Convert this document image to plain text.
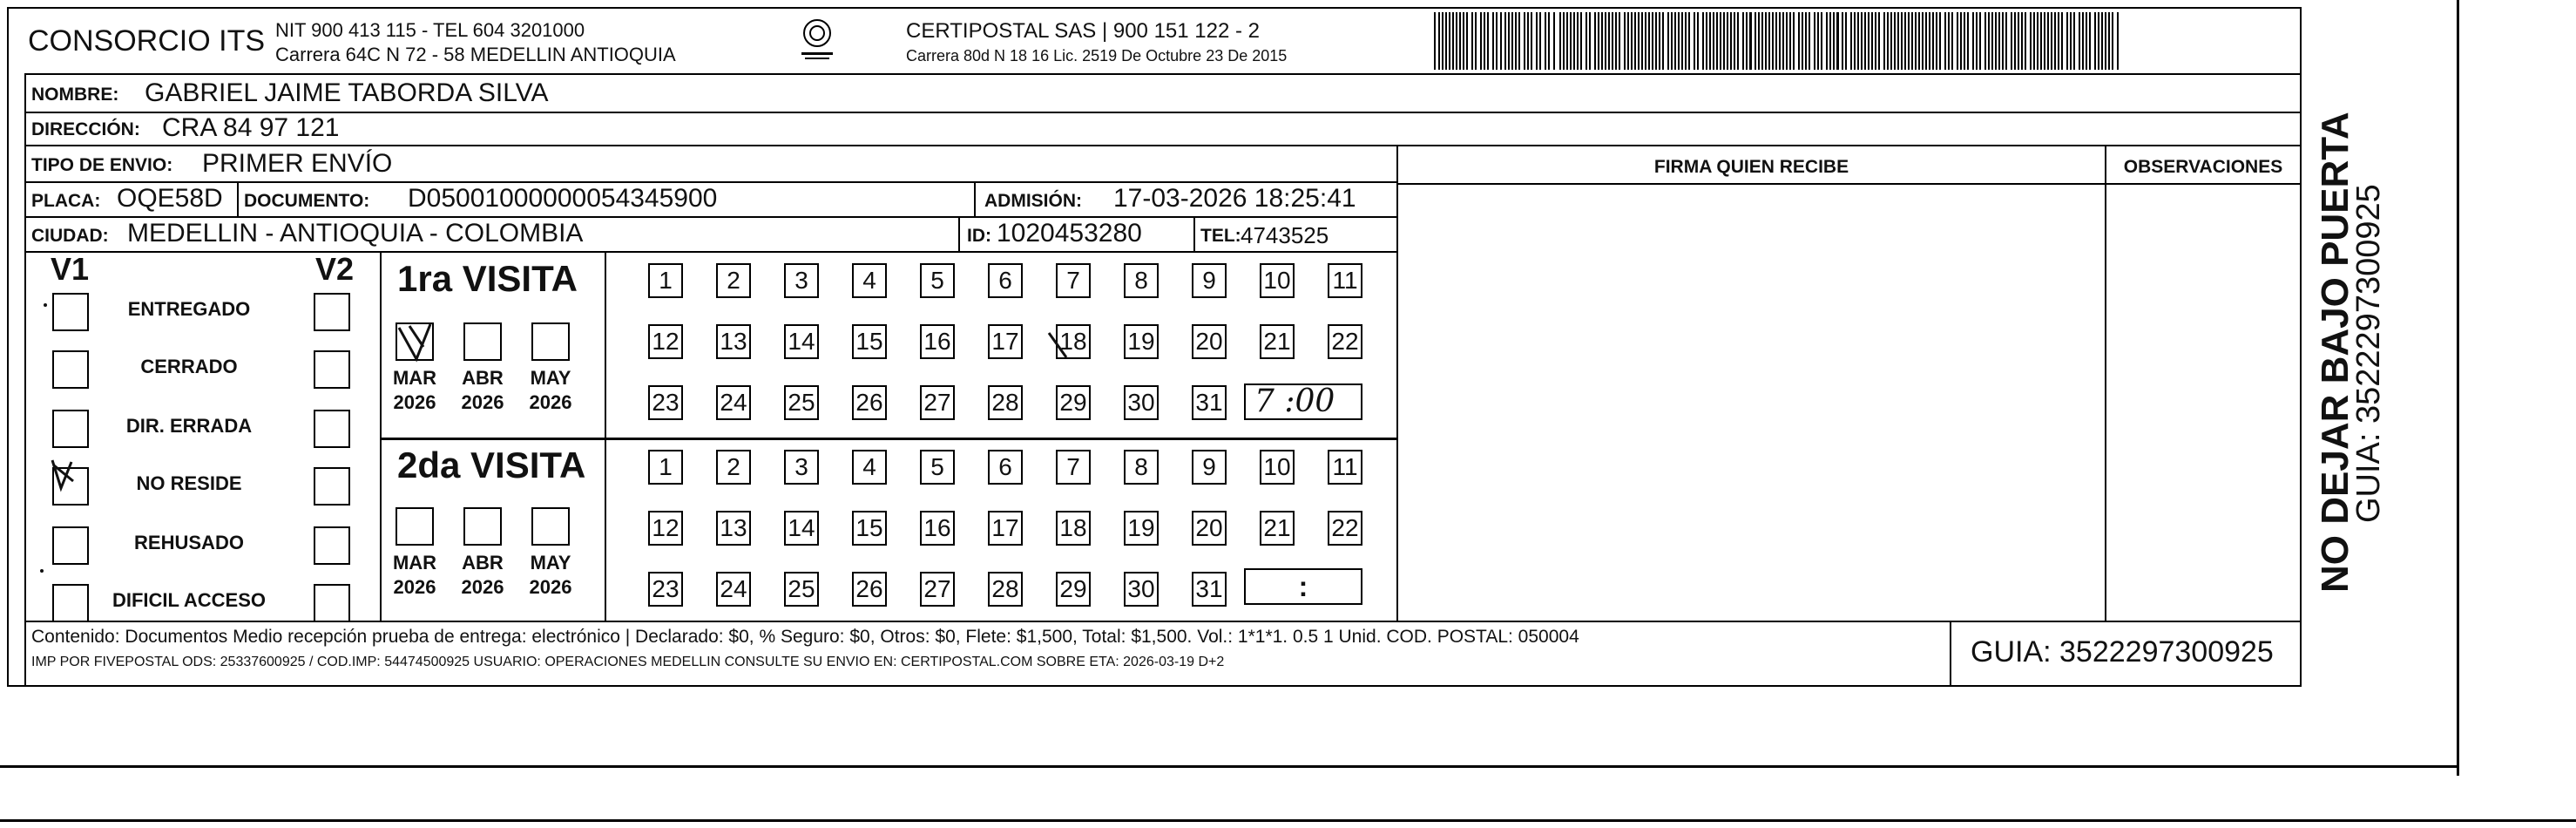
CONSORCIO ITS NIT 900 413 115 - TEL 604 3201000
Carrera 64C N 72 - 58 MEDELLIN ANTIOQUIA
CERTIPOSTAL SAS | 900 151 122 - 2
Carrera 80d N 18 16 Lic. 2519 De Octubre 23 De 2015
NOMBRE: GABRIEL JAIME TABORDA SILVA
DIRECCIÓN: CRA 84 97 121
TIPO DE ENVIO: PRIMER ENVÍO
PLACA: OQE58D DOCUMENTO: D05001000000054345900	ADMISIÓN: 17-03-2026 18:25:41
CIUDAD: MEDELLIN - ANTIOQUIA - COLOMBIA	ID: 1020453280	TEL: 4743525
FIRMA QUIEN RECIBE	OBSERVACIONES
V1	V2
ENTREGADO
CERRADO
DIR. ERRADA
NO RESIDE
REHUSADO
DIFICIL ACCESO
1ra VISITA
2da VISITA
MAR
2026
ABR
2026
MAY
2026
MAR
2026
ABR
2026
MAY
2026
1	2	3	4	5	6	7	8	9	10 11
12 13 14 15 16 17 18 19 20 21 22
23 24 25 26 27 28 29 30 31
1	2	3	4	5	6	7	8	9	10 11
12 13 14 15 16 17 18 19 20 21 22
23 24 25 26 27 28 29 30 31
7 :00
:
Contenido: Documentos Medio recepción prueba de entrega: electrónico | Declarado: $0, % Seguro: $0, Otros: $0, Flete: $1,500, Total: $1,500. Vol.: 1*1*1. 0.5 1 Unid. COD. POSTAL: 050004
IMP POR FIVEPOSTAL ODS: 25337600925 / COD.IMP: 54474500925 USUARIO: OPERACIONES MEDELLIN CONSULTE SU ENVIO EN: CERTIPOSTAL.COM SOBRE ETA: 2026-03-19 D+2	GUIA: 3522297300925
NO DEJAR BAJO PUERTA
GUIA: 3522297300925
